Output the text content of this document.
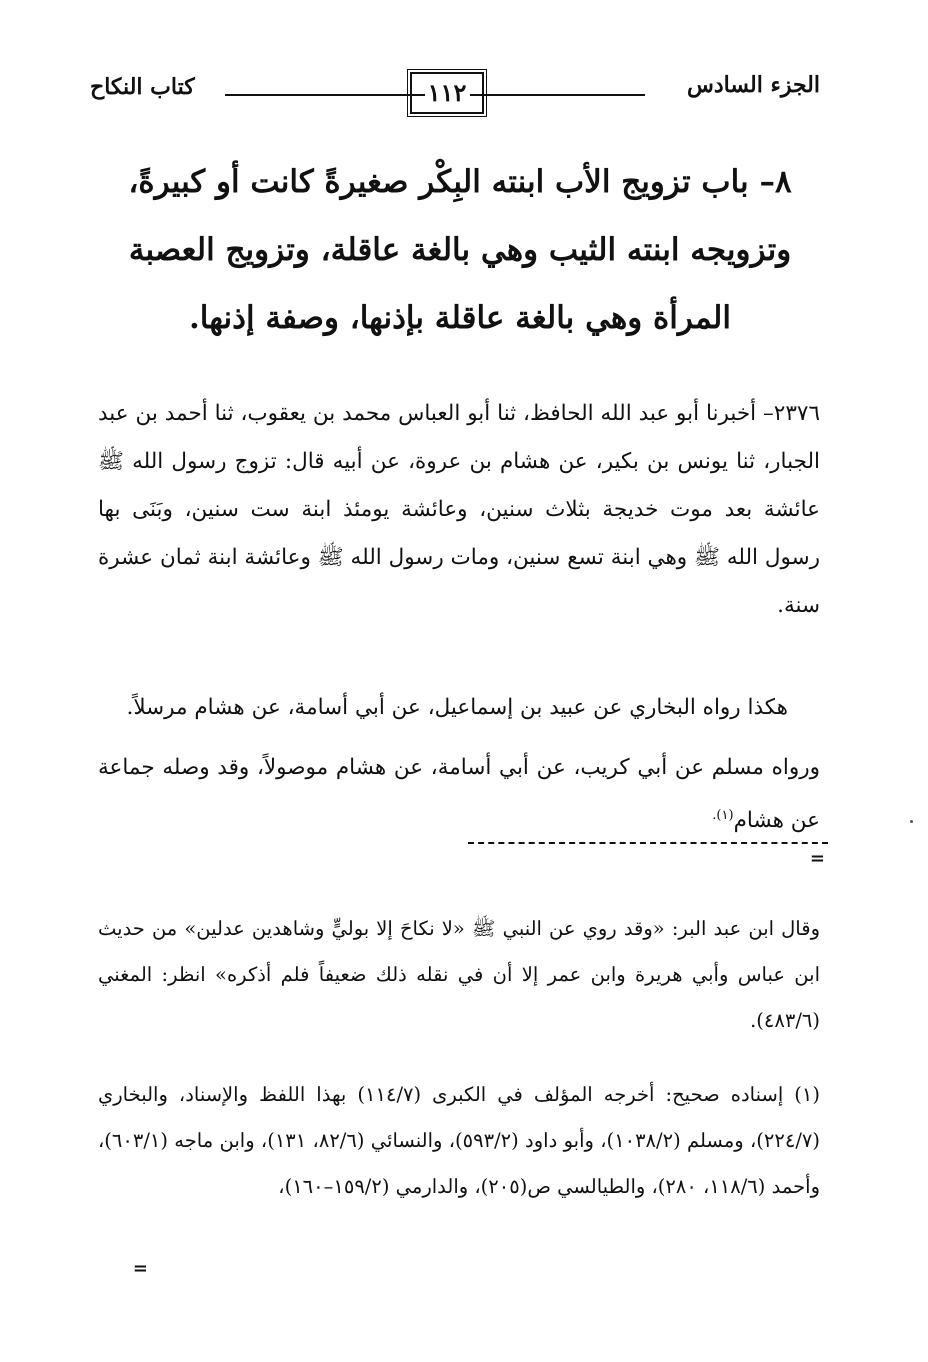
الجزء السادس
١١٢
كتاب النكاح
٨– باب تزويج الأب ابنته البِكْر صغيرةً كانت أو كبيرةً،
وتزويجه ابنته الثيب وهي بالغة عاقلة، وتزويج العصبة
المرأة وهي بالغة عاقلة بإذنها، وصفة إذنها.

٢٣٧٦– أخبرنا أبو عبد الله الحافظ، ثنا أبو العباس محمد بن يعقوب، ثنا أحمد بن عبد الجبار، ثنا يونس بن بكير، عن هشام بن عروة، عن أبيه قال: تزوج رسول الله ﷺ عائشة بعد موت خديجة بثلاث سنين، وعائشة يومئذ ابنة ست سنين، وبَنَى بها رسول الله ﷺ وهي ابنة تسع سنين، ومات رسول الله ﷺ وعائشة ابنة ثمان عشرة سنة.

هكذا رواه البخاري عن عبيد بن إسماعيل، عن أبي أسامة، عن هشام مرسلاً.

ورواه مسلم عن أبي كريب، عن أبي أسامة، عن هشام موصولاً، وقد وصله جماعة عن هشام$^{(١).}$

=

وقال ابن عبد البر: «وقد روي عن النبي ﷺ «لا نكاحَ إلا بوليٍّ وشاهدين عدلين» من حديث ابن عباس وأبي هريرة وابن عمر إلا أن في نقله ذلك ضعيفاً فلم أذكره» انظر: المغني (٤٨٣/٦).

(١) إسناده صحيح: أخرجه المؤلف في الكبرى (١١٤/٧) بهذا اللفظ والإسناد، والبخاري (٢٢٤/٧)، ومسلم (١٠٣٨/٢)، وأبو داود (٥٩٣/٢)، والنسائي (٨٢/٦، ١٣١)، وابن ماجه (٦٠٣/١)، وأحمد (١١٨/٦، ٢٨٠)، والطيالسي ص(٢٠٥)، والدارمي (١٥٩/٢–١٦٠)،

=
